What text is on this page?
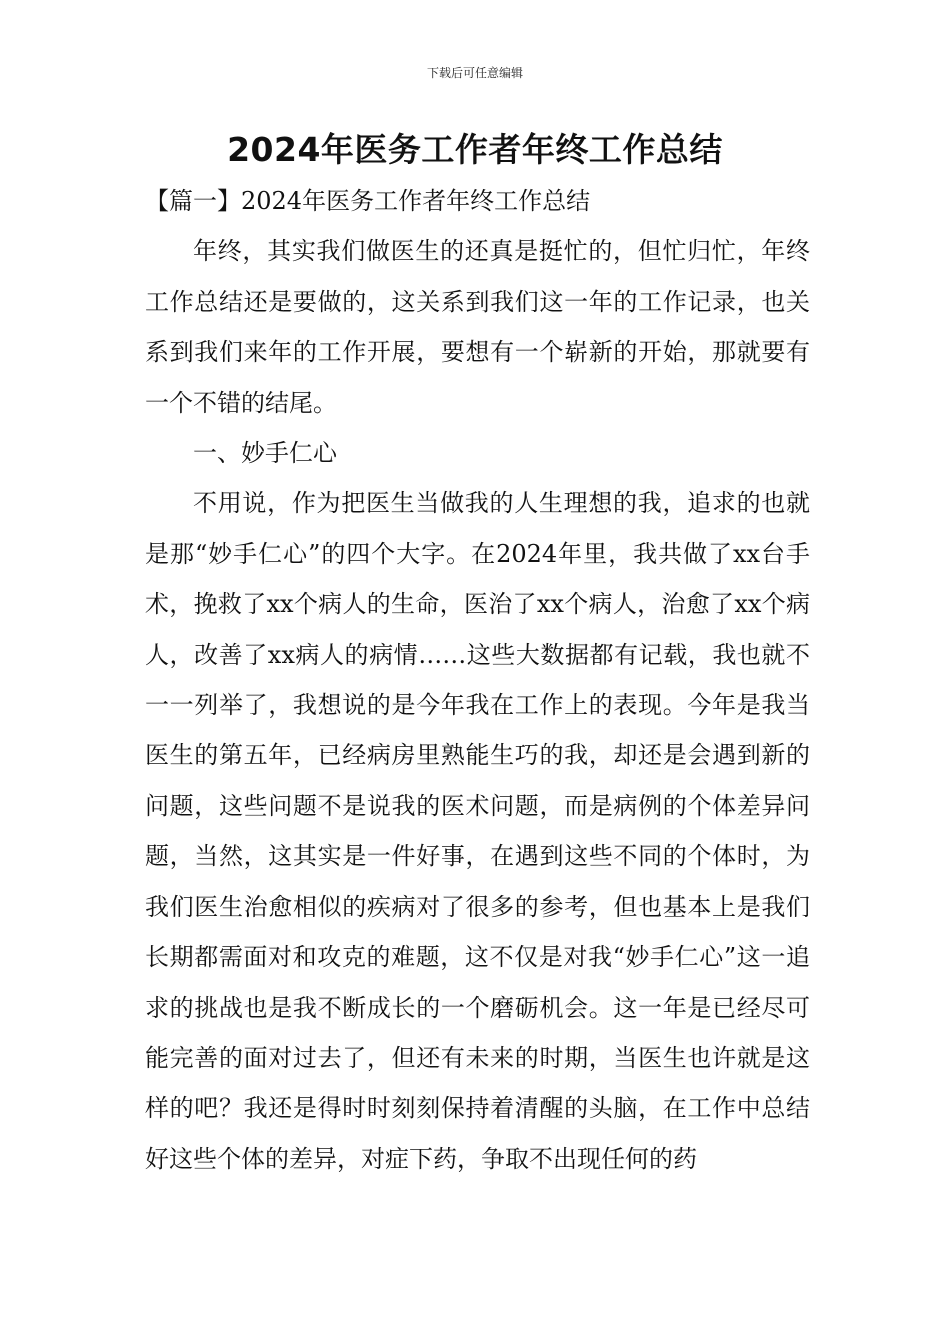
下载后可任意编辑
2024年医务工作者年终工作总结

【篇一】2024年医务工作者年终工作总结

年终，其实我们做医生的还真是挺忙的，但忙归忙，年终工作总结还是要做的，这关系到我们这一年的工作记录，也关系到我们来年的工作开展，要想有一个崭新的开始，那就要有一个不错的结尾。

一、妙手仁心

不用说，作为把医生当做我的人生理想的我，追求的也就是那“妙手仁心”的四个大字。在2024年里，我共做了xx台手术，挽救了xx个病人的生命，医治了xx个病人，治愈了xx个病人，改善了xx病人的病情……这些大数据都有记载，我也就不一一列举了，我想说的是今年我在工作上的表现。今年是我当医生的第五年，已经病房里熟能生巧的我，却还是会遇到新的问题，这些问题不是说我的医术问题，而是病例的个体差异问题，当然，这其实是一件好事，在遇到这些不同的个体时，为我们医生治愈相似的疾病对了很多的参考，但也基本上是我们长期都需面对和攻克的难题，这不仅是对我“妙手仁心”这一追求的挑战也是我不断成长的一个磨砺机会。这一年是已经尽可能完善的面对过去了，但还有未来的时期，当医生也许就是这样的吧？我还是得时时刻刻保持着清醒的头脑，在工作中总结好这些个体的差异，对症下药，争取不出现任何的药
